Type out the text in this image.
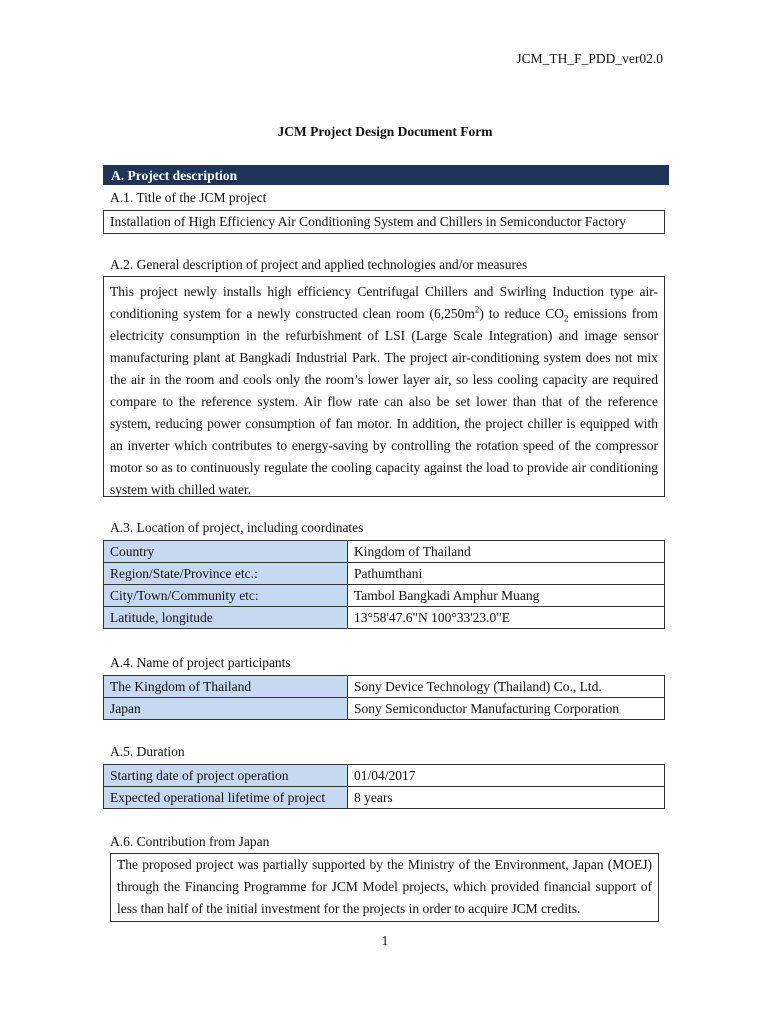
JCM_TH_F_PDD_ver02.0
JCM Project Design Document Form
A. Project description
A.1. Title of the JCM project
Installation of High Efficiency Air Conditioning System and Chillers in Semiconductor Factory
A.2. General description of project and applied technologies and/or measures
This project newly installs high efficiency Centrifugal Chillers and Swirling Induction type air-conditioning system for a newly constructed clean room $(6,250m^2)$ to reduce $CO_2$ emissions from electricity consumption in the refurbishment of LSI (Large Scale Integration) and image sensor manufacturing plant at Bangkadi Industrial Park. The project air-conditioning system does not mix the air in the room and cools only the room’s lower layer air, so less cooling capacity are required compare to the reference system. Air flow rate can also be set lower than that of the reference system, reducing power consumption of fan motor. In addition, the project chiller is equipped with an inverter which contributes to energy-saving by controlling the rotation speed of the compressor motor so as to continuously regulate the cooling capacity against the load to provide air conditioning system with chilled water.
A.3. Location of project, including coordinates
Country	Kingdom of Thailand
Region/State/Province etc.:	Pathumthani
City/Town/Community etc:	Tambol Bangkadi Amphur Muang
Latitude, longitude	13°58'47.6"N 100°33'23.0"E
A.4. Name of project participants
The Kingdom of Thailand	Sony Device Technology (Thailand) Co., Ltd.
Japan	Sony Semiconductor Manufacturing Corporation
A.5. Duration
Starting date of project operation	01/04/2017
Expected operational lifetime of project	8 years
A.6. Contribution from Japan
The proposed project was partially supported by the Ministry of the Environment, Japan (MOEJ) through the Financing Programme for JCM Model projects, which provided financial support of less than half of the initial investment for the projects in order to acquire JCM credits.
1
